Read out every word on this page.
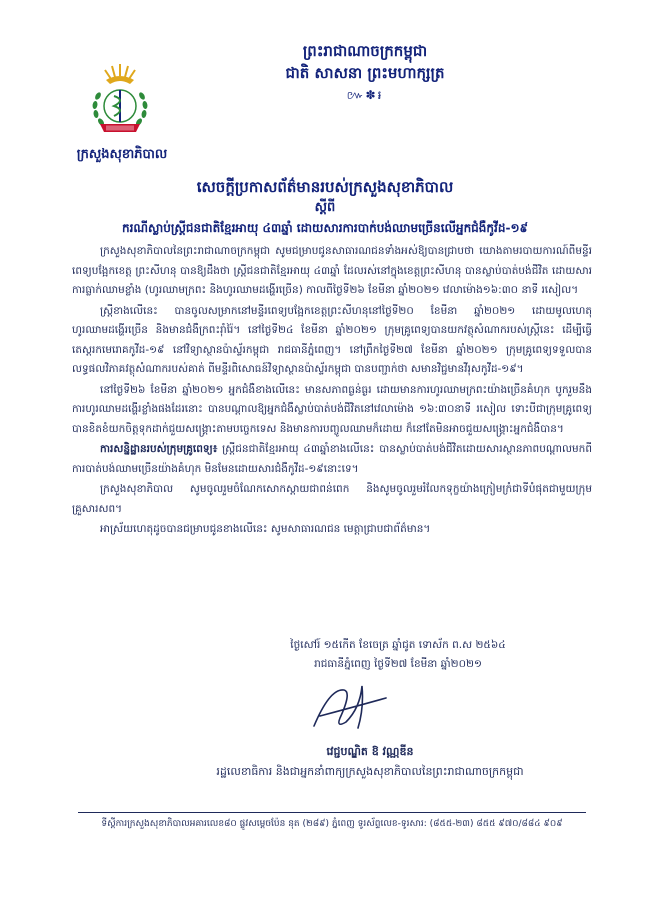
ព្រះរាជាណាចក្រកម្ពុជា
ជាតិ សាសនា ព្រះមហាក្សត្រ
៚✽៛
ក្រសួងសុខាភិបាល
សេចក្តីប្រកាសព័ត៌មានរបស់ក្រសួងសុខាភិបាល
ស្តីពី
ករណីស្លាប់ស្ត្រីជនជាតិខ្មែរអាយុ ៤៣ឆ្នាំ ដោយសារការបាក់បង់ឈាមច្រើនលើអ្នកជំងឺកូវីដ-១៩

ក្រសួងសុខាភិបាលនៃព្រះរាជាណាចក្រកម្ពុជា សូមជម្រាបជូនសាធារណជនទាំងអស់ឱ្យបានជ្រាបថា យោងតាមរបាយការណ៍ពីមន្ទីរពេទ្យបង្អែកខេត្ត ព្រះសីហនុ បានឱ្យដឹងថា ស្ត្រីជនជាតិខ្មែរអាយុ ៤៣ឆ្នាំ ដែលរស់នៅក្នុងខេត្តព្រះសីហនុ បានស្លាប់បាត់បង់ជីវិត ដោយសារការធ្លាក់ឈាមខ្លាំង (ហូរឈាមក្រពះ និងហូរឈាមដង្ហើរច្រើន) កាលពីថ្ងៃទី២៦ ខែមីនា ឆ្នាំ២០២១ វេលាម៉ោង១៦:៣០ នាទី រសៀល។

ស្ត្រីខាងលើនេះ បានចូលសម្រាកនៅមន្ទីរពេទ្យបង្អែកខេត្តព្រះសីហនុនៅថ្ងៃទី២០ ខែមីនា ឆ្នាំ២០២១ ដោយមូលហេតុ ហូរឈាមដង្ហើរច្រើន និងមានជំងឺក្រពះរ៉ាំរ៉ៃ។ នៅថ្ងៃទី២៤ ខែមីនា ឆ្នាំ២០២១ ក្រុមគ្រូពេទ្យបានយកវត្ថុសំណាករបស់ស្ត្រីនេះ ដើម្បីធ្វើតេស្តរកមេរោគកូវីដ-១៩ នៅវិទ្យាស្ថានប៉ាស្ទ័រកម្ពុជា រាជធានីភ្នំពេញ។ នៅព្រឹកថ្ងៃទី២៧ ខែមីនា ឆ្នាំ២០២១ ក្រុមគ្រូពេទ្យទទួលបានលទ្ធផលវិភាគវត្ថុសំណាករបស់គាត់ ពីមន្ទីរពិសោធន៍វិទ្យាស្ថានប៉ាស្ទ័រកម្ពុជា បានបញ្ជាក់ថា សមានវិជ្ជមានវីរុសកូវីដ-១៩។

នៅថ្ងៃទី២៦ ខែមីនា ឆ្នាំ២០២១ អ្នកជំងឺខាងលើនេះ មានសភាពធ្ងន់ធ្ងរ ដោយមានការហូរឈាមក្រពះយ៉ាងច្រើនគំហុក បូករួមនឹងការហូរឈាមដង្ហើរខ្លាំងផងដែរនោះ បានបណ្តាលឱ្យអ្នកជំងឺស្លាប់បាត់បង់ជីវិតនៅវេលាម៉ោង ១៦:៣០នាទី រសៀល ទោះបីជាក្រុមគ្រូពេទ្យបានខិតខំយកចិត្តទុកដាក់ជួយសង្គ្រោះតាមបច្ចេកទេស និងមានការបញ្ចូលឈាមក៏ដោយ ក៏នៅតែមិនអាចជួយសង្គ្រោះអ្នកជំងឺបាន។

ការសន្និដ្ឋានរបស់ក្រុមគ្រូពេទ្យ៖ ស្ត្រីជនជាតិខ្មែរអាយុ ៤៣ឆ្នាំខាងលើនេះ បានស្លាប់បាត់បង់ជីវិតដោយសារស្ថានភាពបណ្តាលមកពីការបាត់បង់ឈាមច្រើនយ៉ាងគំហុក មិនមែនដោយសារជំងឺកូវីដ-១៩នោះទេ។

ក្រសួងសុខាភិបាល សូមចូលរួមចំណែកសោកស្តាយជាពន់ពេក និងសូមចូលរួមរំលែកទុក្ខយ៉ាងក្រៀមក្រំជាទីបំផុតជាមួយក្រុមគ្រួសារសព។

អាស្រ័យហេតុដូចបានជម្រាបជូនខាងលើនេះ សូមសាធារណជន មេត្តាជ្រាបជាព័ត៌មាន។

ថ្ងៃសៅរ៍ ១៥កើត ខែចេត្រ ឆ្នាំជូត ទោស័ក ព.ស ២៥៦៤
រាជធានីភ្នំពេញ ថ្ងៃទី២៧ ខែមីនា ឆ្នាំ២០២១
វេជ្ជបណ្ឌិត ឱ វណ្ណឌីន
រដ្ឋលេខាធិការ និងជាអ្នកនាំពាក្យក្រសួងសុខាភិបាលនៃព្រះរាជាណាចក្រកម្ពុជា
ទីស្តីការក្រសួងសុខាភិបាលអគារលេខ៨០ ផ្លូវសម្តេចប៉ែន នុត (២៨៩) ភ្នំពេញ ទូរស័ព្ទលេខ-ទូរសារ: (៨៥៥-២៣) ៨៥៥ ៩៧០/៨៨៤ ៩០៩
